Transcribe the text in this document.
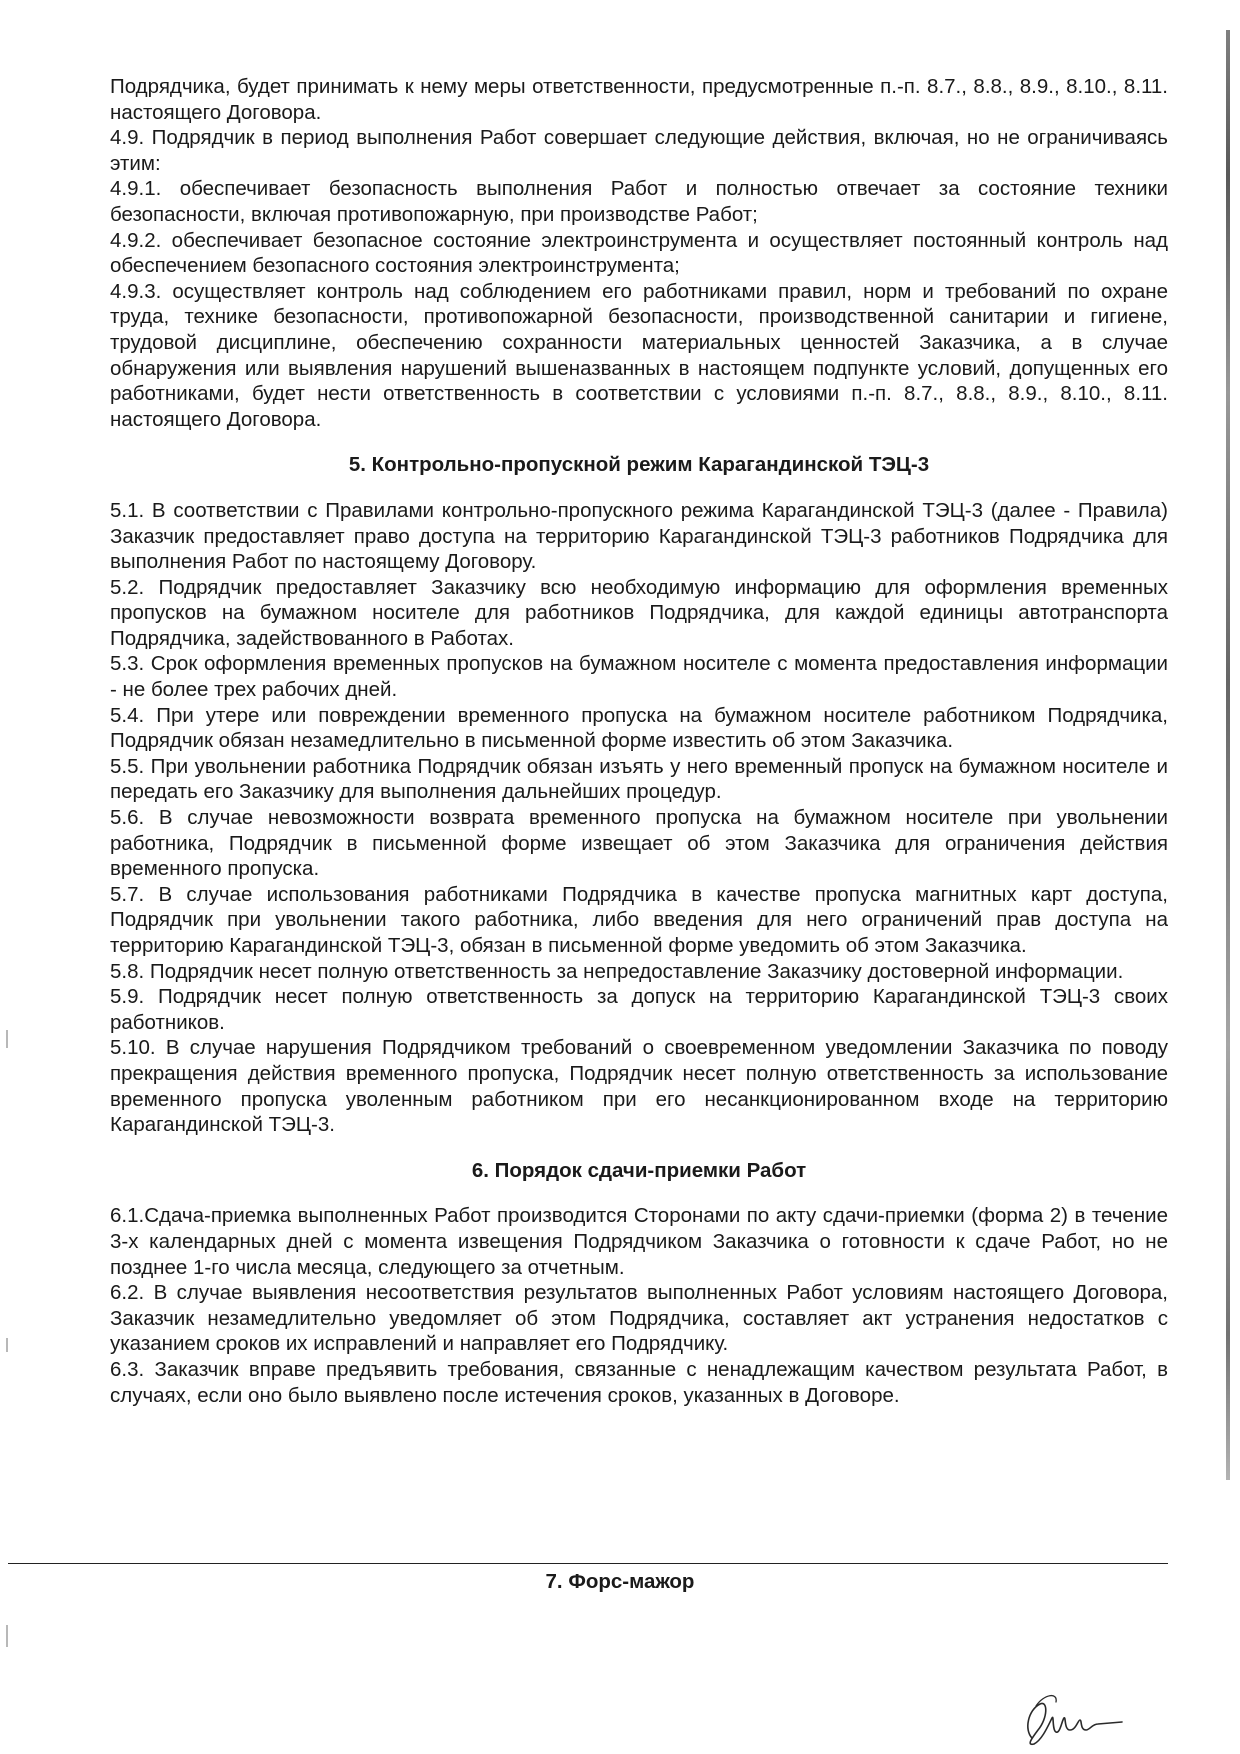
Подрядчика, будет принимать к нему меры ответственности, предусмотренные п.-п. 8.7., 8.8., 8.9., 8.10., 8.11. настоящего Договора.

4.9. Подрядчик в период выполнения Работ совершает следующие действия, включая, но не ограничиваясь этим:

4.9.1. обеспечивает безопасность выполнения Работ и полностью отвечает за состояние техники безопасности, включая противопожарную, при производстве Работ;

4.9.2. обеспечивает безопасное состояние электроинструмента и осуществляет постоянный контроль над обеспечением безопасного состояния электроинструмента;

4.9.3. осуществляет контроль над соблюдением его работниками правил, норм и требований по охране труда, технике безопасности, противопожарной безопасности, производственной санитарии и гигиене, трудовой дисциплине, обеспечению сохранности материальных ценностей Заказчика, а в случае обнаружения или выявления нарушений вышеназванных в настоящем подпункте условий, допущенных его работниками, будет нести ответственность в соответствии с условиями п.-п. 8.7., 8.8., 8.9., 8.10., 8.11. настоящего Договора.

5. Контрольно-пропускной режим Карагандинской ТЭЦ-3

5.1. В соответствии с Правилами контрольно-пропускного режима Карагандинской ТЭЦ-3 (далее - Правила) Заказчик предоставляет право доступа на территорию Карагандинской ТЭЦ-3 работников Подрядчика для выполнения Работ по настоящему Договору.

5.2. Подрядчик предоставляет Заказчику всю необходимую информацию для оформления временных пропусков на бумажном носителе для работников Подрядчика, для каждой единицы автотранспорта Подрядчика, задействованного в Работах.

5.3. Срок оформления временных пропусков на бумажном носителе с момента предоставления информации - не более трех рабочих дней.

5.4. При утере или повреждении временного пропуска на бумажном носителе работником Подрядчика, Подрядчик обязан незамедлительно в письменной форме известить об этом Заказчика.

5.5. При увольнении работника Подрядчик обязан изъять у него временный пропуск на бумажном носителе и передать его Заказчику для выполнения дальнейших процедур.

5.6. В случае невозможности возврата временного пропуска на бумажном носителе при увольнении работника, Подрядчик в письменной форме извещает об этом Заказчика для ограничения действия временного пропуска.

5.7. В случае использования работниками Подрядчика в качестве пропуска магнитных карт доступа, Подрядчик при увольнении такого работника, либо введения для него ограничений прав доступа на территорию Карагандинской ТЭЦ-3, обязан в письменной форме уведомить об этом Заказчика.

5.8. Подрядчик несет полную ответственность за непредоставление Заказчику достоверной информации.

5.9. Подрядчик несет полную ответственность за допуск на территорию Карагандинской ТЭЦ-3 своих работников.

5.10. В случае нарушения Подрядчиком требований о своевременном уведомлении Заказчика по поводу прекращения действия временного пропуска, Подрядчик несет полную ответственность за использование временного пропуска уволенным работником при его несанкционированном входе на территорию Карагандинской ТЭЦ-3.

6. Порядок сдачи-приемки Работ

6.1.Сдача-приемка выполненных Работ производится Сторонами по акту сдачи-приемки (форма 2) в течение 3-х календарных дней с момента извещения Подрядчиком Заказчика о готовности к сдаче Работ, но не позднее 1-го числа месяца, следующего за отчетным.

6.2. В случае выявления несоответствия результатов выполненных Работ условиям настоящего Договора, Заказчик незамедлительно уведомляет об этом Подрядчика, составляет акт устранения недостатков с указанием сроков их исправлений и направляет его Подрядчику.

6.3. Заказчик вправе предъявить требования, связанные с ненадлежащим качеством результата Работ, в случаях, если оно было выявлено после истечения сроков, указанных в Договоре.

7. Форс-мажор
